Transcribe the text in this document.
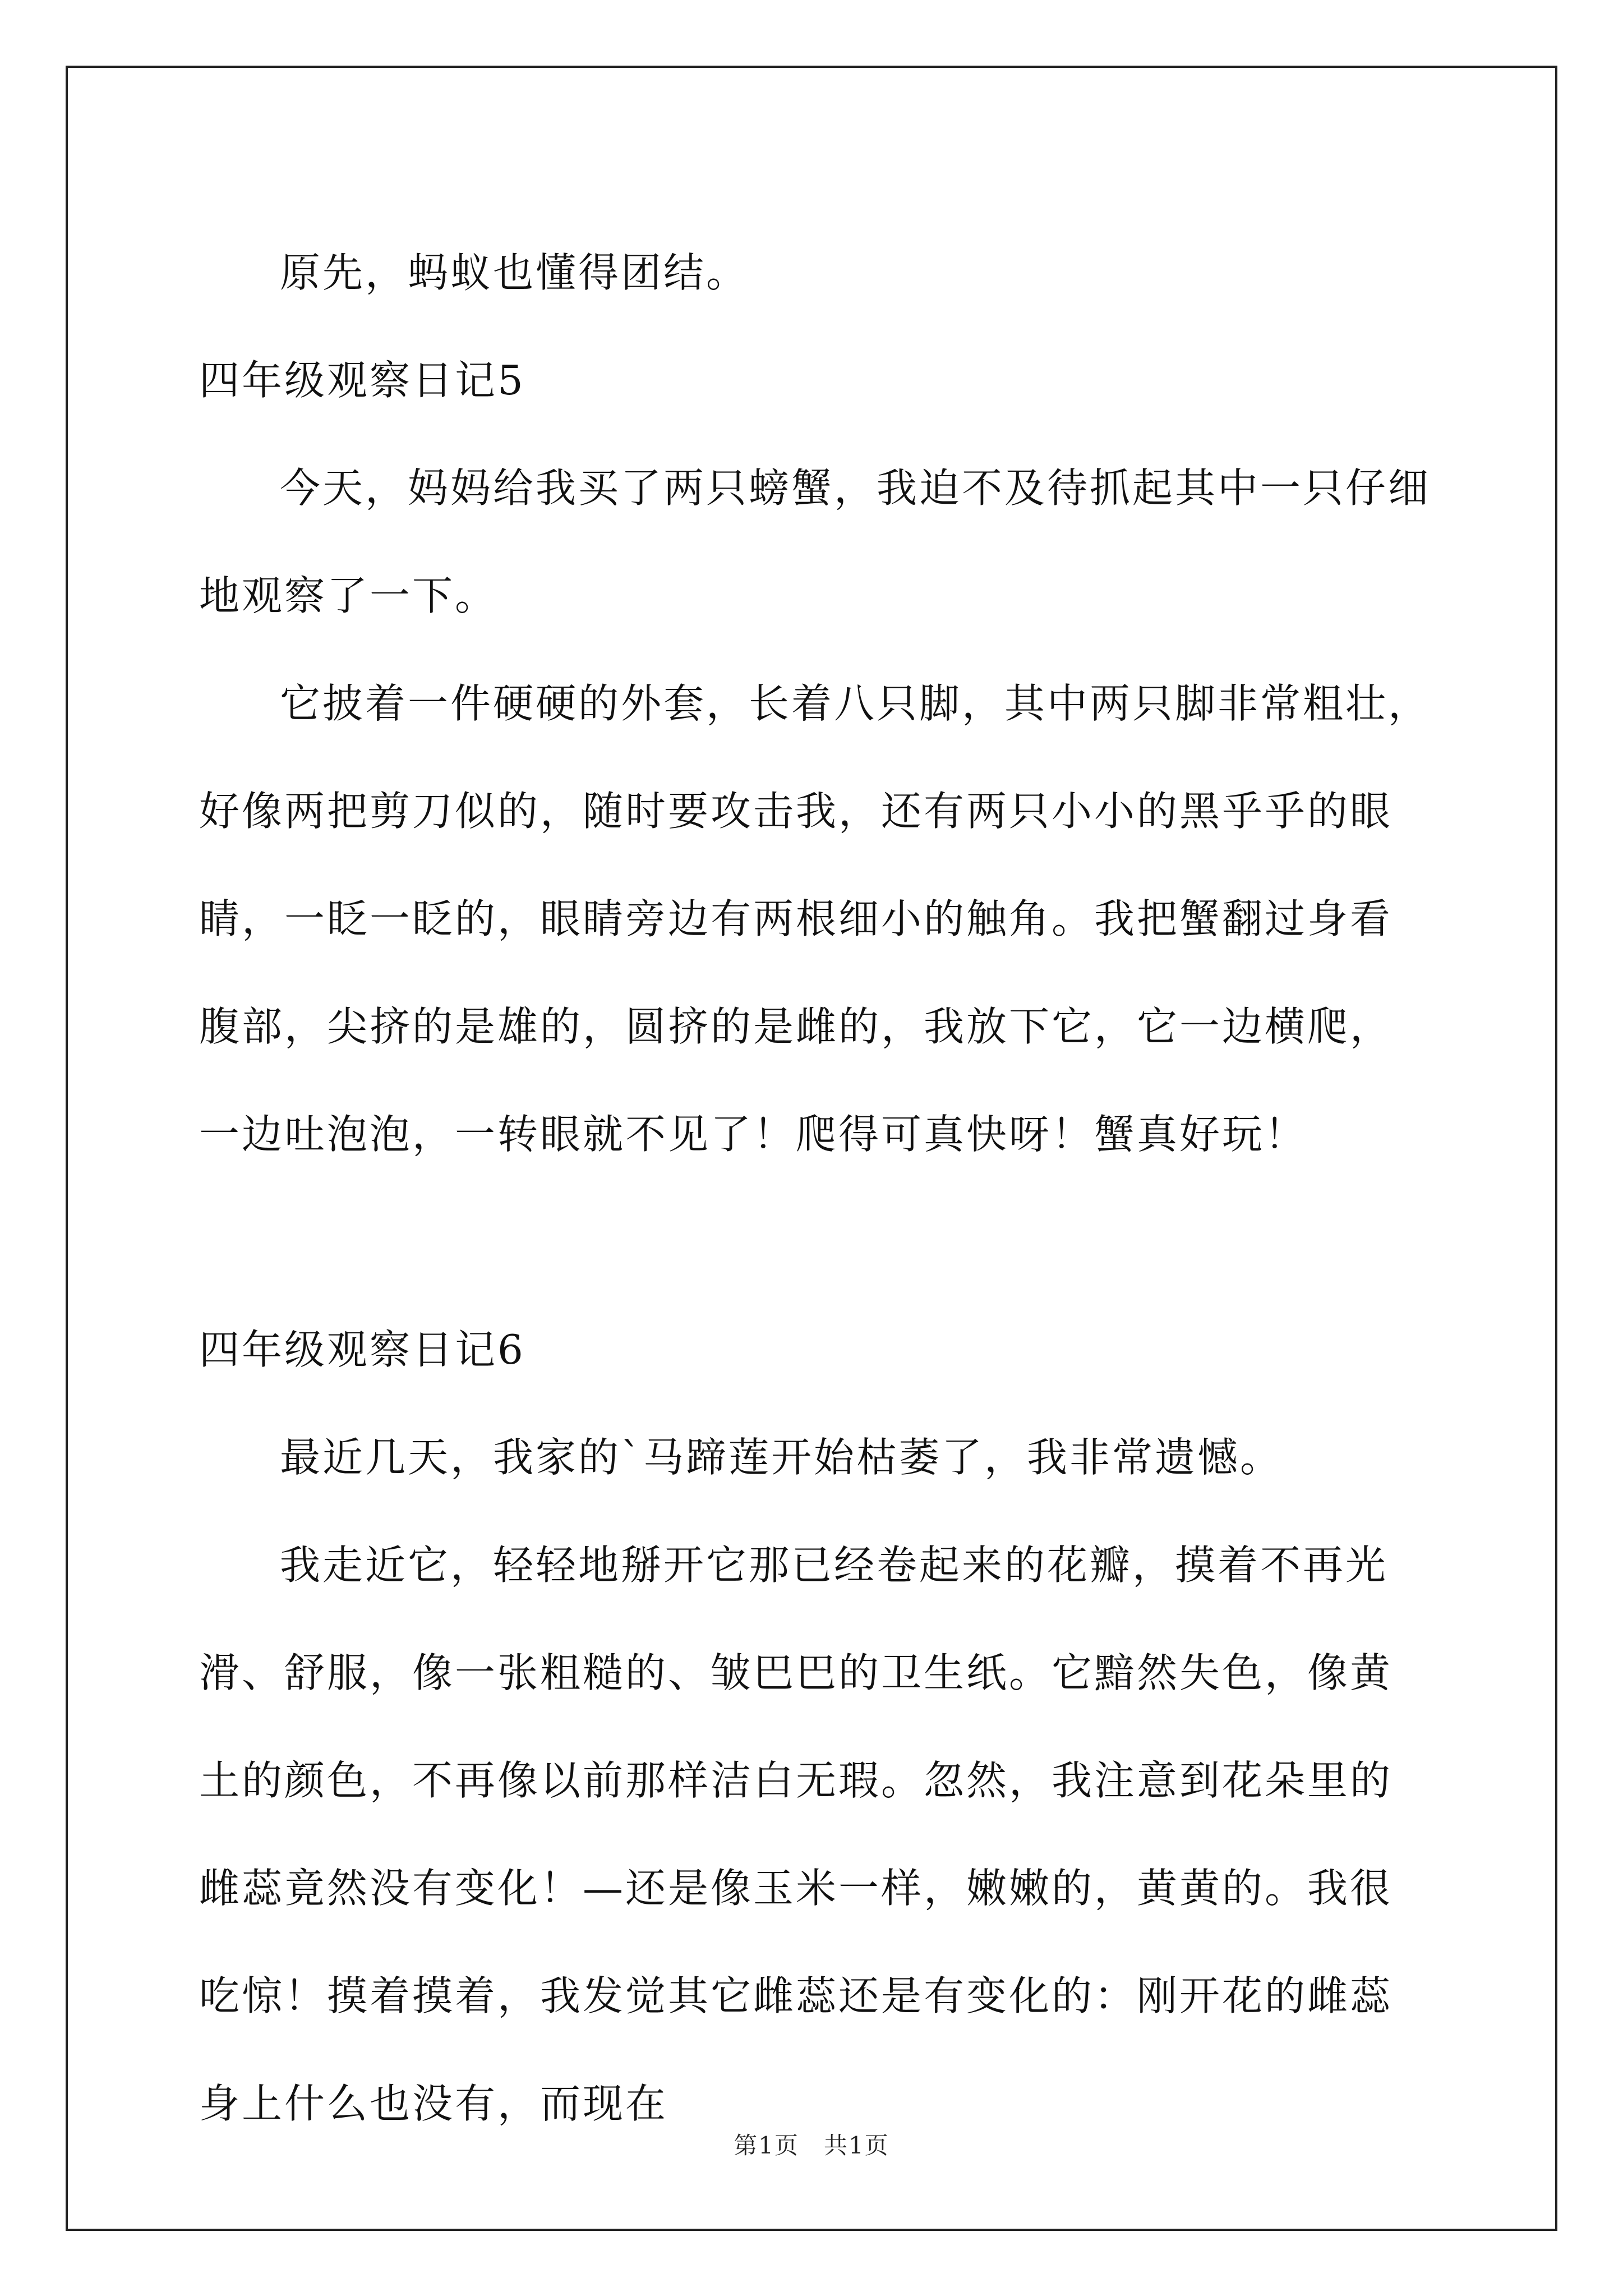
原先，蚂蚁也懂得团结。

四年级观察日记5

今天，妈妈给我买了两只螃蟹，我迫不及待抓起其中一只仔细地观察了一下。

它披着一件硬硬的外套，长着八只脚，其中两只脚非常粗壮，好像两把剪刀似的，随时要攻击我，还有两只小小的黑乎乎的眼睛，一眨一眨的，眼睛旁边有两根细小的触角。我把蟹翻过身看腹部，尖挤的是雄的，圆挤的是雌的，我放下它，它一边横爬，一边吐泡泡，一转眼就不见了！爬得可真快呀！蟹真好玩！

四年级观察日记6

最近几天，我家的`马蹄莲开始枯萎了，我非常遗憾。

我走近它，轻轻地掰开它那已经卷起来的花瓣，摸着不再光滑、舒服，像一张粗糙的、皱巴巴的卫生纸。它黯然失色，像黄土的颜色，不再像以前那样洁白无瑕。忽然，我注意到花朵里的雌蕊竟然没有变化！—还是像玉米一样，嫩嫩的，黄黄的。我很吃惊！摸着摸着，我发觉其它雌蕊还是有变化的：刚开花的雌蕊身上什么也没有，而现在

第1页　共1页
